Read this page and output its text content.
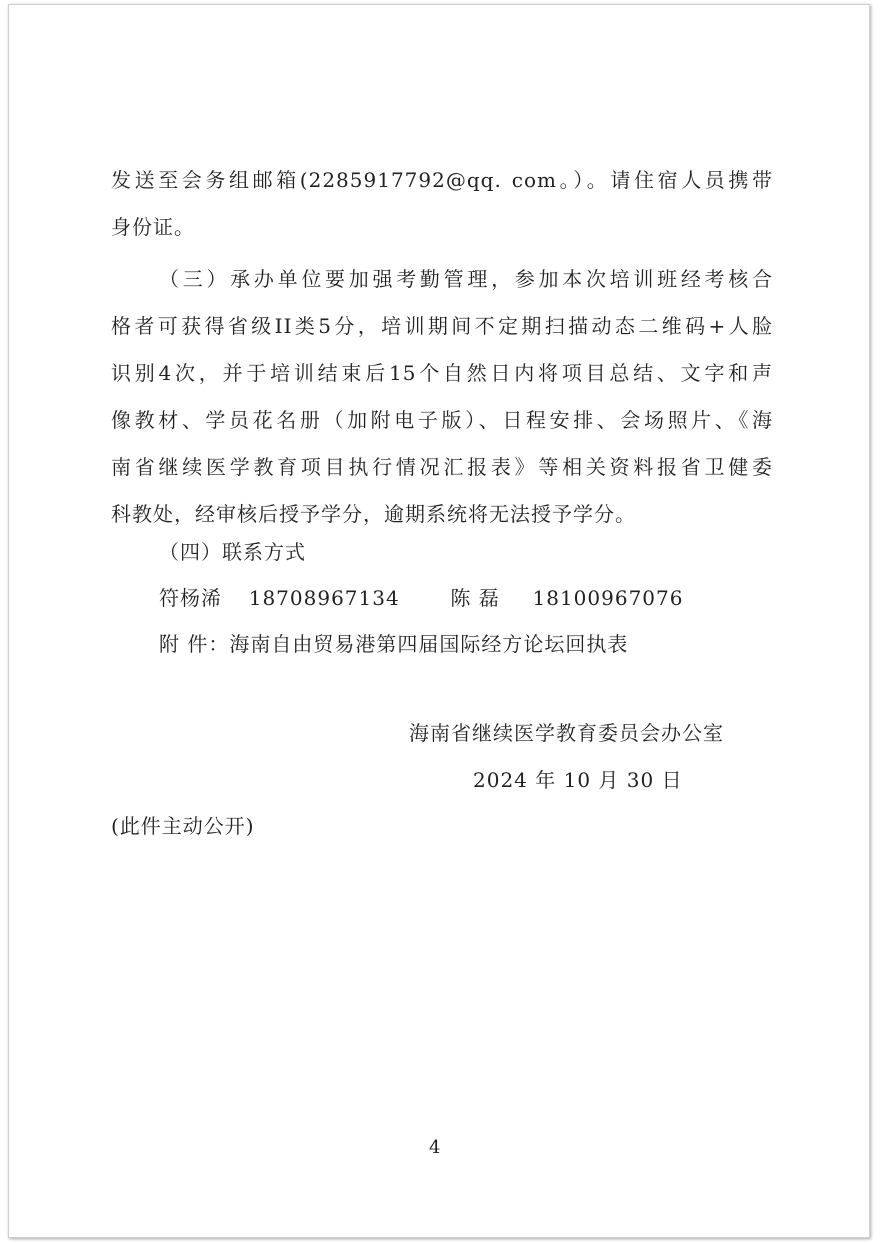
发送至会务组邮箱(2285917792@qq. com。）。请住宿人员携带
身份证。
（三）承办单位要加强考勤管理，参加本次培训班经考核合
格者可获得省级II类5分，培训期间不定期扫描动态二维码+人脸
识别4次，并于培训结束后15个自然日内将项目总结、文字和声
像教材、学员花名册（加附电子版）、日程安排、会场照片、《海
南省继续医学教育项目执行情况汇报表》等相关资料报省卫健委
科教处，经审核后授予学分，逾期系统将无法授予学分。
（四）联系方式
符杨浠 18708967134	陈 磊 18100967076
附 件：海南自由贸易港第四届国际经方论坛回执表
海南省继续医学教育委员会办公室
2024 年 10 月 30 日
(此件主动公开)
4
